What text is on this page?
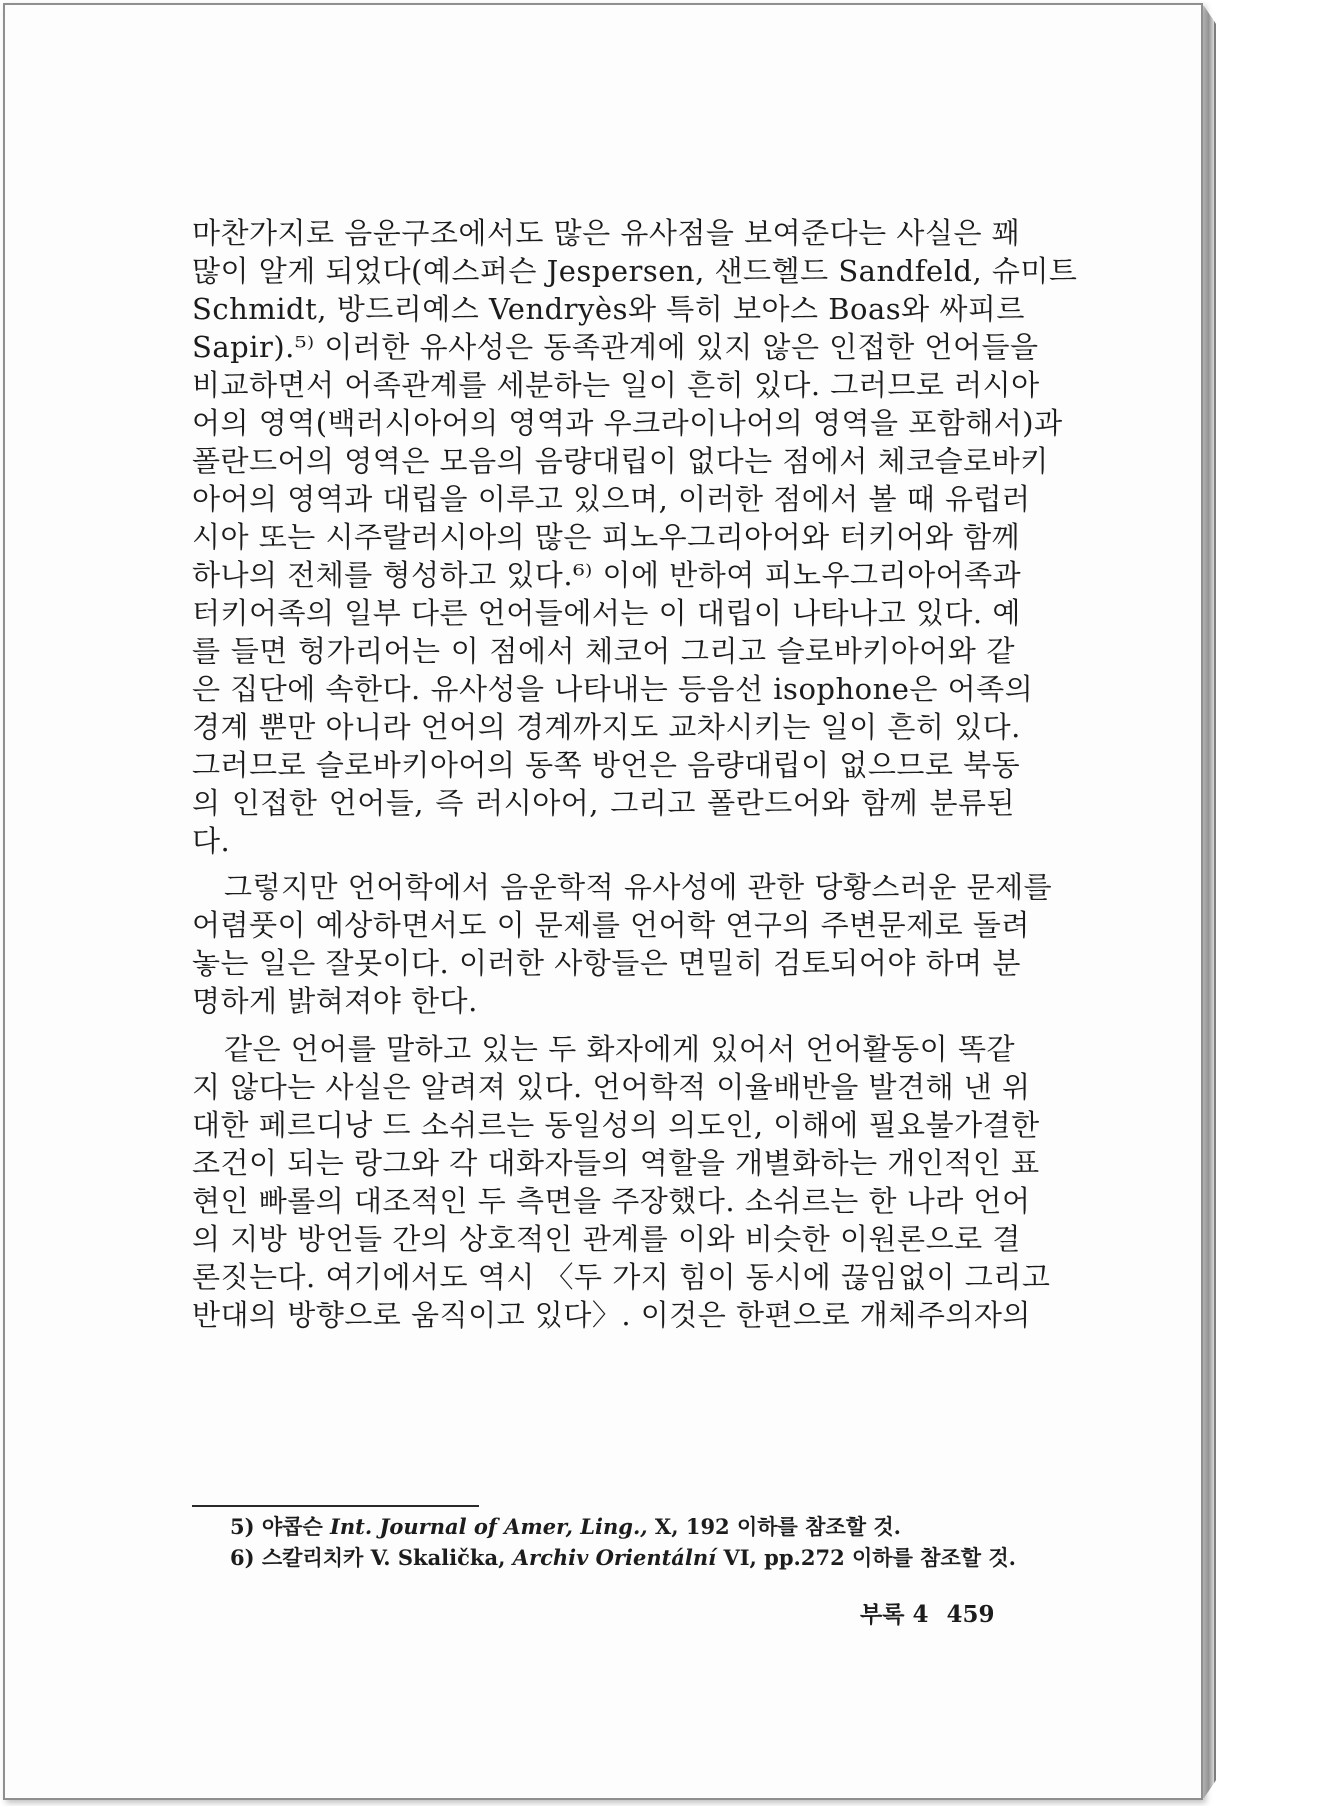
마찬가지로 음운구조에서도 많은 유사점을 보여준다는 사실은 꽤
많이 알게 되었다(예스퍼슨 Jespersen, 샌드헬드 Sandfeld, 슈미트
Schmidt, 방드리예스 Vendryès와 특히 보아스 Boas와 싸피르
Sapir).⁵⁾ 이러한 유사성은 동족관계에 있지 않은 인접한 언어들을
비교하면서 어족관계를 세분하는 일이 흔히 있다. 그러므로 러시아
어의 영역(백러시아어의 영역과 우크라이나어의 영역을 포함해서)과
폴란드어의 영역은 모음의 음량대립이 없다는 점에서 체코슬로바키
아어의 영역과 대립을 이루고 있으며, 이러한 점에서 볼 때 유럽러
시아 또는 시주랄러시아의 많은 피노우그리아어와 터키어와 함께
하나의 전체를 형성하고 있다.⁶⁾ 이에 반하여 피노우그리아어족과
터키어족의 일부 다른 언어들에서는 이 대립이 나타나고 있다. 예
를 들면 헝가리어는 이 점에서 체코어 그리고 슬로바키아어와 같
은 집단에 속한다. 유사성을 나타내는 등음선 isophone은 어족의
경계 뿐만 아니라 언어의 경계까지도 교차시키는 일이 흔히 있다.
그러므로 슬로바키아어의 동쪽 방언은 음량대립이 없으므로 북동
의 인접한 언어들, 즉 러시아어, 그리고 폴란드어와 함께 분류된
다.
그렇지만 언어학에서 음운학적 유사성에 관한 당황스러운 문제를
어렴풋이 예상하면서도 이 문제를 언어학 연구의 주변문제로 돌려
놓는 일은 잘못이다. 이러한 사항들은 면밀히 검토되어야 하며 분
명하게 밝혀져야 한다.
같은 언어를 말하고 있는 두 화자에게 있어서 언어활동이 똑같
지 않다는 사실은 알려져 있다. 언어학적 이율배반을 발견해 낸 위
대한 페르디낭 드 소쉬르는 동일성의 의도인, 이해에 필요불가결한
조건이 되는 랑그와 각 대화자들의 역할을 개별화하는 개인적인 표
현인 빠롤의 대조적인 두 측면을 주장했다. 소쉬르는 한 나라 언어
의 지방 방언들 간의 상호적인 관계를 이와 비슷한 이원론으로 결
론짓는다. 여기에서도 역시 〈두 가지 힘이 동시에 끊임없이 그리고
반대의 방향으로 움직이고 있다〉. 이것은 한편으로 개체주의자의
5) 야콥슨 Int. Journal of Amer, Ling., X, 192 이하를 참조할 것.
6) 스칼리치카 V. Skalička, Archiv Orientální VI, pp.272 이하를 참조할 것.
부록 4 459
